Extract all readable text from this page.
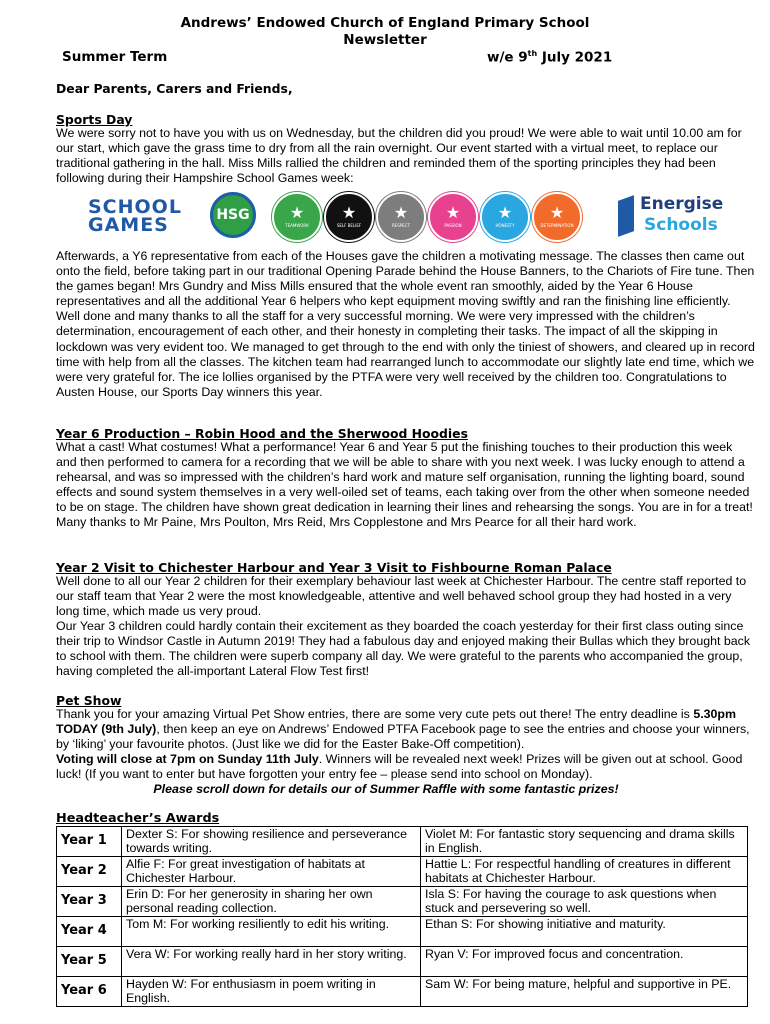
Andrews’ Endowed Church of England Primary School
Newsletter
Summer Term	w/e 9th July 2021
Dear Parents, Carers and Friends,
Sports Day
We were sorry not to have you with us on Wednesday, but the children did you proud! We were able to wait until 10.00 am for our start, which gave the grass time to dry from all the rain overnight. Our event started with a virtual meet, to replace our traditional gathering in the hall. Miss Mills rallied the children and reminded them of the sporting principles they had been following during their Hampshire School Games week:
SCHOOL
GAMES	HSG	★
TEAMWORK
★
SELF BELIEF
★
RESPECT
★
PASSION
★
HONESTY
★
DETERMINATION
Energise
Schools
Afterwards, a Y6 representative from each of the Houses gave the children a motivating message. The classes then came out onto the field, before taking part in our traditional Opening Parade behind the House Banners, to the Chariots of Fire tune. Then the games began! Mrs Gundry and Miss Mills ensured that the whole event ran smoothly, aided by the Year 6 House representatives and all the additional Year 6 helpers who kept equipment moving swiftly and ran the finishing line efficiently. Well done and many thanks to all the staff for a very successful morning. We were very impressed with the children’s determination, encouragement of each other, and their honesty in completing their tasks. The impact of all the skipping in lockdown was very evident too. We managed to get through to the end with only the tiniest of showers, and cleared up in record time with help from all the classes. The kitchen team had rearranged lunch to accommodate our slightly late end time, which we were very grateful for. The ice lollies organised by the PTFA were very well received by the children too. Congratulations to Austen House, our Sports Day winners this year.
Year 6 Production – Robin Hood and the Sherwood Hoodies
What a cast! What costumes! What a performance! Year 6 and Year 5 put the finishing touches to their production this week and then performed to camera for a recording that we will be able to share with you next week. I was lucky enough to attend a rehearsal, and was so impressed with the children’s hard work and mature self organisation, running the lighting board, sound effects and sound system themselves in a very well-oiled set of teams, each taking over from the other when someone needed to be on stage. The children have shown great dedication in learning their lines and rehearsing the songs. You are in for a treat! Many thanks to Mr Paine, Mrs Poulton, Mrs Reid, Mrs Copplestone and Mrs Pearce for all their hard work.
Year 2 Visit to Chichester Harbour and Year 3 Visit to Fishbourne Roman Palace
Well done to all our Year 2 children for their exemplary behaviour last week at Chichester Harbour. The centre staff reported to our staff team that Year 2 were the most knowledgeable, attentive and well behaved school group they had hosted in a very long time, which made us very proud.
Our Year 3 children could hardly contain their excitement as they boarded the coach yesterday for their first class outing since their trip to Windsor Castle in Autumn 2019! They had a fabulous day and enjoyed making their Bullas which they brought back to school with them. The children were superb company all day. We were grateful to the parents who accompanied the group, having completed the all-important Lateral Flow Test first!
Pet Show
Thank you for your amazing Virtual Pet Show entries, there are some very cute pets out there! The entry deadline is 5.30pm TODAY (9th July), then keep an eye on Andrews’ Endowed PTFA Facebook page to see the entries and choose your winners, by ‘liking’ your favourite photos. (Just like we did for the Easter Bake-Off competition).
Voting will close at 7pm on Sunday 11th July. Winners will be revealed next week! Prizes will be given out at school. Good luck! (If you want to enter but have forgotten your entry fee – please send into school on Monday).
Please scroll down for details our of Summer Raffle with some fantastic prizes!
Headteacher’s Awards
Year 1	Dexter S: For showing resilience and perseverance towards writing.	Violet M: For fantastic story sequencing and drama skills in English.
Year 2	Alfie F: For great investigation of habitats at Chichester Harbour.	Hattie L: For respectful handling of creatures in different habitats at Chichester Harbour.
Year 3	Erin D: For her generosity in sharing her own personal reading collection.	Isla S: For having the courage to ask questions when stuck and persevering so well.
Year 4	Tom M: For working resiliently to edit his writing.	Ethan S: For showing initiative and maturity.
Year 5	Vera W: For working really hard in her story writing.	Ryan V: For improved focus and concentration.
Year 6	Hayden W: For enthusiasm in poem writing in English.	Sam W: For being mature, helpful and supportive in PE.
